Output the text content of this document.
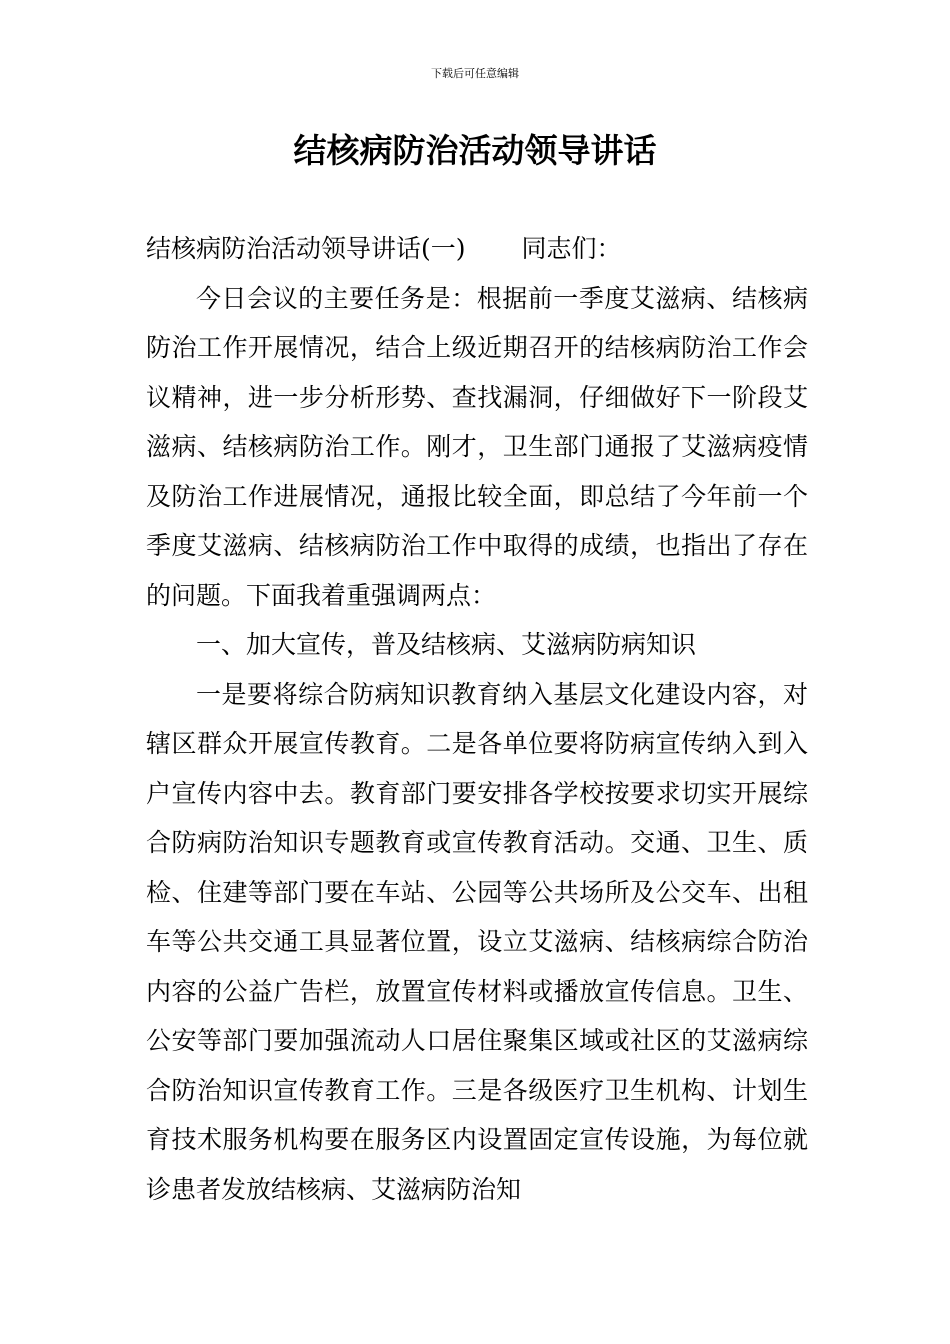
下载后可任意编辑
结核病防治活动领导讲话

结核病防治活动领导讲话(一) 同志们：

今日会议的主要任务是：根据前一季度艾滋病、结核病防治工作开展情况，结合上级近期召开的结核病防治工作会议精神，进一步分析形势、查找漏洞，仔细做好下一阶段艾滋病、结核病防治工作。刚才，卫生部门通报了艾滋病疫情及防治工作进展情况，通报比较全面，即总结了今年前一个季度艾滋病、结核病防治工作中取得的成绩，也指出了存在的问题。下面我着重强调两点：

一、加大宣传，普及结核病、艾滋病防病知识

一是要将综合防病知识教育纳入基层文化建设内容，对辖区群众开展宣传教育。二是各单位要将防病宣传纳入到入户宣传内容中去。教育部门要安排各学校按要求切实开展综合防病防治知识专题教育或宣传教育活动。交通、卫生、质检、住建等部门要在车站、公园等公共场所及公交车、出租车等公共交通工具显著位置，设立艾滋病、结核病综合防治内容的公益广告栏，放置宣传材料或播放宣传信息。卫生、公安等部门要加强流动人口居住聚集区域或社区的艾滋病综合防治知识宣传教育工作。三是各级医疗卫生机构、计划生育技术服务机构要在服务区内设置固定宣传设施，为每位就诊患者发放结核病、艾滋病防治知
